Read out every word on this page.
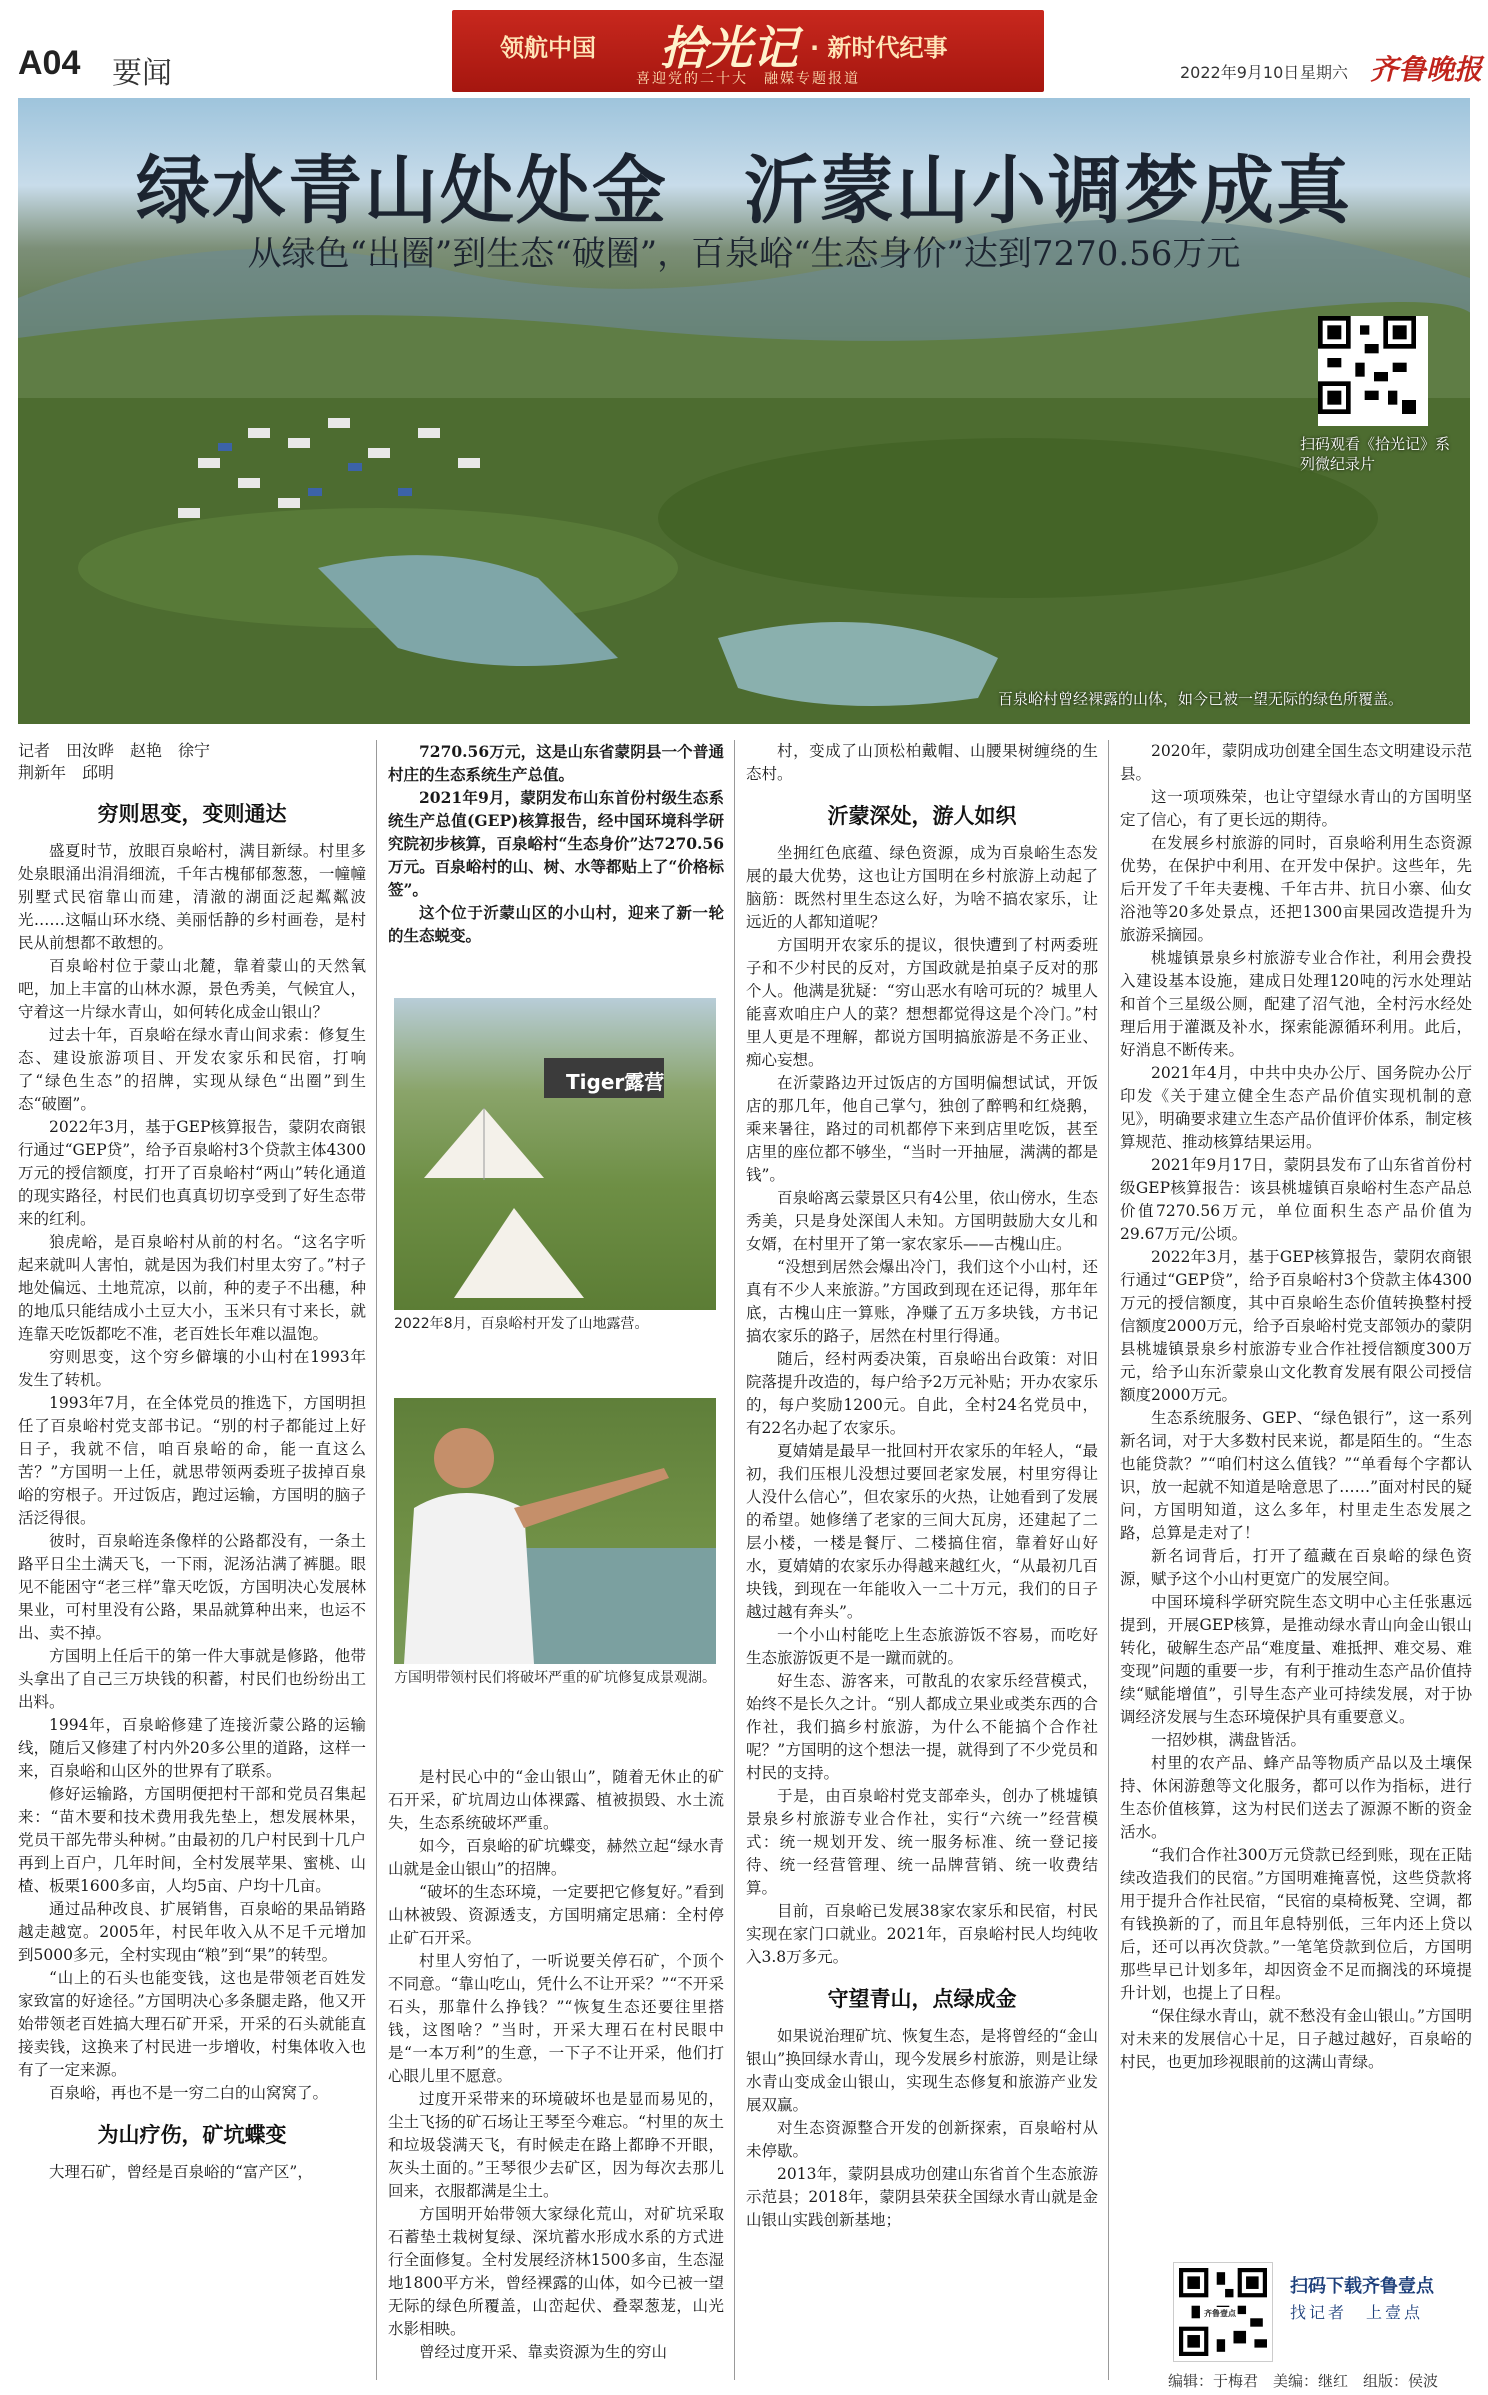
A04 要闻
领航中国 拾光记 · 新时代纪事
喜迎党的二十大　融媒专题报道	2022年9月10日 星期六 齐鲁晚报
绿水青山处处金　沂蒙山小调梦成真
从绿色“出圈”到生态“破圈”，百泉峪“生态身价”达到7270.56万元
扫码观看《拾光记》系列微纪录片
百泉峪村曾经裸露的山体，如今已被一望无际的绿色所覆盖。
记者　田汝晔　赵艳　徐宁
荆新年　邱明
穷则思变，变则通达

盛夏时节，放眼百泉峪村，满目新绿。村里多处泉眼涌出涓涓细流，千年古槐郁郁葱葱，一幢幢别墅式民宿靠山而建，清澈的湖面泛起粼粼波光……这幅山环水绕、美丽恬静的乡村画卷，是村民从前想都不敢想的。

百泉峪村位于蒙山北麓，靠着蒙山的天然氧吧，加上丰富的山林水源，景色秀美，气候宜人，守着这一片绿水青山，如何转化成金山银山？

过去十年，百泉峪在绿水青山间求索：修复生态、建设旅游项目、开发农家乐和民宿，打响了“绿色生态”的招牌，实现从绿色“出圈”到生态“破圈”。

2022年3月，基于GEP核算报告，蒙阴农商银行通过“GEP贷”，给予百泉峪村3个贷款主体4300万元的授信额度，打开了百泉峪村“两山”转化通道的现实路径，村民们也真真切切享受到了好生态带来的红利。

狼虎峪，是百泉峪村从前的村名。“这名字听起来就叫人害怕，就是因为我们村里太穷了。”村子地处偏远、土地荒凉，以前，种的麦子不出穗，种的地瓜只能结成小土豆大小，玉米只有寸来长，就连靠天吃饭都吃不准，老百姓长年难以温饱。

穷则思变，这个穷乡僻壤的小山村在1993年发生了转机。

1993年7月，在全体党员的推选下，方国明担任了百泉峪村党支部书记。“别的村子都能过上好日子，我就不信，咱百泉峪的命，能一直这么苦？”方国明一上任，就思带领两委班子拔掉百泉峪的穷根子。开过饭店，跑过运输，方国明的脑子活泛得很。

彼时，百泉峪连条像样的公路都没有，一条土路平日尘土满天飞，一下雨，泥汤沾满了裤腿。眼见不能困守“老三样”靠天吃饭，方国明决心发展林果业，可村里没有公路，果品就算种出来，也运不出、卖不掉。

方国明上任后干的第一件大事就是修路，他带头拿出了自己三万块钱的积蓄，村民们也纷纷出工出料。

1994年，百泉峪修建了连接沂蒙公路的运输线，随后又修建了村内外20多公里的道路，这样一来，百泉峪和山区外的世界有了联系。

修好运输路，方国明便把村干部和党员召集起来：“苗木要和技术费用我先垫上，想发展林果，党员干部先带头种树。”由最初的几户村民到十几户再到上百户，几年时间，全村发展苹果、蜜桃、山楂、板栗1600多亩，人均5亩、户均十几亩。

通过品种改良、扩展销售，百泉峪的果品销路越走越宽。2005年，村民年收入从不足千元增加到5000多元，全村实现由“粮”到“果”的转型。

“山上的石头也能变钱，这也是带领老百姓发家致富的好途径。”方国明决心多条腿走路，他又开始带领老百姓搞大理石矿开采，开采的石头就能直接卖钱，这换来了村民进一步增收，村集体收入也有了一定来源。

百泉峪，再也不是一穷二白的山窝窝了。

为山疗伤，矿坑蝶变

大理石矿，曾经是百泉峪的“富产区”，

7270.56万元，这是山东省蒙阴县一个普通村庄的生态系统生产总值。

2021年9月，蒙阴发布山东首份村级生态系统生产总值(GEP)核算报告，经中国环境科学研究院初步核算，百泉峪村“生态身价”达7270.56万元。百泉峪村的山、树、水等都贴上了“价格标签”。

这个位于沂蒙山区的小山村，迎来了新一轮的生态蜕变。

Tiger露营
2022年8月，百泉峪村开发了山地露营。
方国明带领村民们将破坏严重的矿坑修复成景观湖。

是村民心中的“金山银山”，随着无休止的矿石开采，矿坑周边山体裸露、植被损毁、水土流失，生态系统破坏严重。

如今，百泉峪的矿坑蝶变，赫然立起“绿水青山就是金山银山”的招牌。

“破坏的生态环境，一定要把它修复好。”看到山林被毁、资源透支，方国明痛定思痛：全村停止矿石开采。

村里人穷怕了，一听说要关停石矿，个顶个不同意。“靠山吃山，凭什么不让开采？”“不开采石头，那靠什么挣钱？”“恢复生态还要往里搭钱，这图啥？”当时，开采大理石在村民眼中是“一本万利”的生意，一下子不让开采，他们打心眼儿里不愿意。

过度开采带来的环境破坏也是显而易见的，尘土飞扬的矿石场让王琴至今难忘。“村里的灰土和垃圾袋满天飞，有时候走在路上都睁不开眼，灰头土面的。”王琴很少去矿区，因为每次去那儿回来，衣服都满是尘土。

方国明开始带领大家绿化荒山，对矿坑采取石蓄垫土栽树复绿、深坑蓄水形成水系的方式进行全面修复。全村发展经济林1500多亩，生态湿地1800平方米，曾经裸露的山体，如今已被一望无际的绿色所覆盖，山峦起伏、叠翠葱茏，山光水影相映。

曾经过度开采、靠卖资源为生的穷山

村，变成了山顶松柏戴帽、山腰果树缠绕的生态村。

沂蒙深处，游人如织

坐拥红色底蕴、绿色资源，成为百泉峪生态发展的最大优势，这也让方国明在乡村旅游上动起了脑筋：既然村里生态这么好，为啥不搞农家乐，让远近的人都知道呢？

方国明开农家乐的提议，很快遭到了村两委班子和不少村民的反对，方国政就是拍桌子反对的那个人。他满是犹疑：“穷山恶水有啥可玩的？城里人能喜欢咱庄户人的菜？想想都觉得这是个冷门。”村里人更是不理解，都说方国明搞旅游是不务正业、痴心妄想。

在沂蒙路边开过饭店的方国明偏想试试，开饭店的那几年，他自己掌勺，独创了醉鸭和红烧鹅，乘来暑往，路过的司机都停下来到店里吃饭，甚至店里的座位都不够坐，“当时一开抽屉，满满的都是钱”。

百泉峪离云蒙景区只有4公里，依山傍水，生态秀美，只是身处深闺人未知。方国明鼓励大女儿和女婿，在村里开了第一家农家乐——古槐山庄。

“没想到居然会爆出冷门，我们这个小山村，还真有不少人来旅游。”方国政到现在还记得，那年年底，古槐山庄一算账，净赚了五万多块钱，方书记搞农家乐的路子，居然在村里行得通。

随后，经村两委决策，百泉峪出台政策：对旧院落提升改造的，每户给予2万元补贴；开办农家乐的，每户奖励1200元。自此，全村24名党员中，有22名办起了农家乐。

夏婧婧是最早一批回村开农家乐的年轻人，“最初，我们压根儿没想过要回老家发展，村里穷得让人没什么信心”，但农家乐的火热，让她看到了发展的希望。她修缮了老家的三间大瓦房，还建起了二层小楼，一楼是餐厅、二楼搞住宿，靠着好山好水，夏婧婧的农家乐办得越来越红火，“从最初几百块钱，到现在一年能收入一二十万元，我们的日子越过越有奔头”。

一个小山村能吃上生态旅游饭不容易，而吃好生态旅游饭更不是一蹴而就的。

好生态、游客来，可散乱的农家乐经营模式，始终不是长久之计。“别人都成立果业或类东西的合作社，我们搞乡村旅游，为什么不能搞个合作社呢？”方国明的这个想法一提，就得到了不少党员和村民的支持。

于是，由百泉峪村党支部牵头，创办了桃墟镇景泉乡村旅游专业合作社，实行“六统一”经营模式：统一规划开发、统一服务标准、统一登记接待、统一经营管理、统一品牌营销、统一收费结算。

目前，百泉峪已发展38家农家乐和民宿，村民实现在家门口就业。2021年，百泉峪村民人均纯收入3.8万多元。

守望青山，点绿成金

如果说治理矿坑、恢复生态，是将曾经的“金山银山”换回绿水青山，现今发展乡村旅游，则是让绿水青山变成金山银山，实现生态修复和旅游产业发展双赢。

对生态资源整合开发的创新探索，百泉峪村从未停歇。

2013年，蒙阴县成功创建山东省首个生态旅游示范县；2018年，蒙阴县荣获全国绿水青山就是金山银山实践创新基地；

2020年，蒙阴成功创建全国生态文明建设示范县。

这一项项殊荣，也让守望绿水青山的方国明坚定了信心，有了更长远的期待。

在发展乡村旅游的同时，百泉峪利用生态资源优势，在保护中利用、在开发中保护。这些年，先后开发了千年夫妻槐、千年古井、抗日小寨、仙女浴池等20多处景点，还把1300亩果园改造提升为旅游采摘园。

桃墟镇景泉乡村旅游专业合作社，利用会费投入建设基本设施，建成日处理120吨的污水处理站和首个三星级公厕，配建了沼气池，全村污水经处理后用于灌溉及补水，探索能源循环利用。此后，好消息不断传来。

2021年4月，中共中央办公厅、国务院办公厅印发《关于建立健全生态产品价值实现机制的意见》，明确要求建立生态产品价值评价体系，制定核算规范、推动核算结果运用。

2021年9月17日，蒙阴县发布了山东省首份村级GEP核算报告：该县桃墟镇百泉峪村生态产品总价值7270.56万元，单位面积生态产品价值为29.67万元/公顷。

2022年3月，基于GEP核算报告，蒙阴农商银行通过“GEP贷”，给予百泉峪村3个贷款主体4300万元的授信额度，其中百泉峪生态价值转换整村授信额度2000万元，给予百泉峪村党支部领办的蒙阴县桃墟镇景泉乡村旅游专业合作社授信额度300万元，给予山东沂蒙泉山文化教育发展有限公司授信额度2000万元。

生态系统服务、GEP、“绿色银行”，这一系列新名词，对于大多数村民来说，都是陌生的。“生态也能贷款？”“咱们村这么值钱？”“单看每个字都认识，放一起就不知道是啥意思了……”面对村民的疑问，方国明知道，这么多年，村里走生态发展之路，总算是走对了！

新名词背后，打开了蕴藏在百泉峪的绿色资源，赋予这个小山村更宽广的发展空间。

中国环境科学研究院生态文明中心主任张惠远提到，开展GEP核算，是推动绿水青山向金山银山转化，破解生态产品“难度量、难抵押、难交易、难变现”问题的重要一步，有利于推动生态产品价值持续“赋能增值”，引导生态产业可持续发展，对于协调经济发展与生态环境保护具有重要意义。

一招妙棋，满盘皆活。

村里的农产品、蜂产品等物质产品以及土壤保持、休闲游憩等文化服务，都可以作为指标，进行生态价值核算，这为村民们送去了源源不断的资金活水。

“我们合作社300万元贷款已经到账，现在正陆续改造我们的民宿。”方国明难掩喜悦，这些贷款将用于提升合作社民宿，“民宿的桌椅板凳、空调，都有钱换新的了，而且年息特别低，三年内还上贷以后，还可以再次贷款。”一笔笔贷款到位后，方国明那些早已计划多年，却因资金不足而搁浅的环境提升计划，也提上了日程。

“保住绿水青山，就不愁没有金山银山。”方国明对未来的发展信心十足，日子越过越好，百泉峪的村民，也更加珍视眼前的这满山青绿。

齐鲁壹点
扫码下载齐鲁壹点
找记者　上壹点
编辑：于梅君　美编：继红　组版：侯波
